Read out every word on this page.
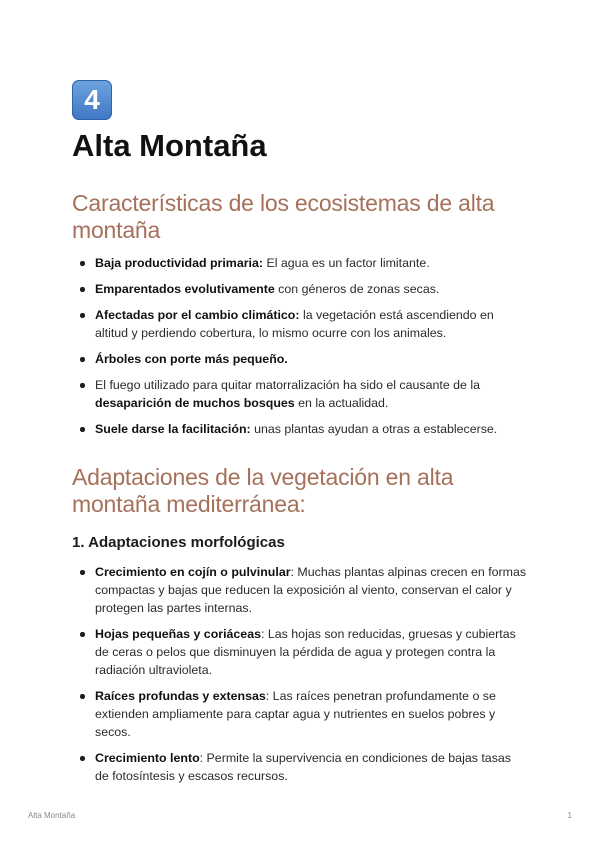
4
Alta Montaña
Características de los ecosistemas de alta montaña
Baja productividad primaria: El agua es un factor limitante.
Emparentados evolutivamente con géneros de zonas secas.
Afectadas por el cambio climático: la vegetación está ascendiendo en altitud y perdiendo cobertura, lo mismo ocurre con los animales.
Árboles con porte más pequeño.
El fuego utilizado para quitar matorralización ha sido el causante de la desaparición de muchos bosques en la actualidad.
Suele darse la facilitación: unas plantas ayudan a otras a establecerse.
Adaptaciones de la vegetación en alta montaña mediterránea:
1. Adaptaciones morfológicas
Crecimiento en cojín o pulvinular: Muchas plantas alpinas crecen en formas compactas y bajas que reducen la exposición al viento, conservan el calor y protegen las partes internas.
Hojas pequeñas y coriáceas: Las hojas son reducidas, gruesas y cubiertas de ceras o pelos que disminuyen la pérdida de agua y protegen contra la radiación ultravioleta.
Raíces profundas y extensas: Las raíces penetran profundamente o se extienden ampliamente para captar agua y nutrientes en suelos pobres y secos.
Crecimiento lento: Permite la supervivencia en condiciones de bajas tasas de fotosíntesis y escasos recursos.
Alta Montaña	1
